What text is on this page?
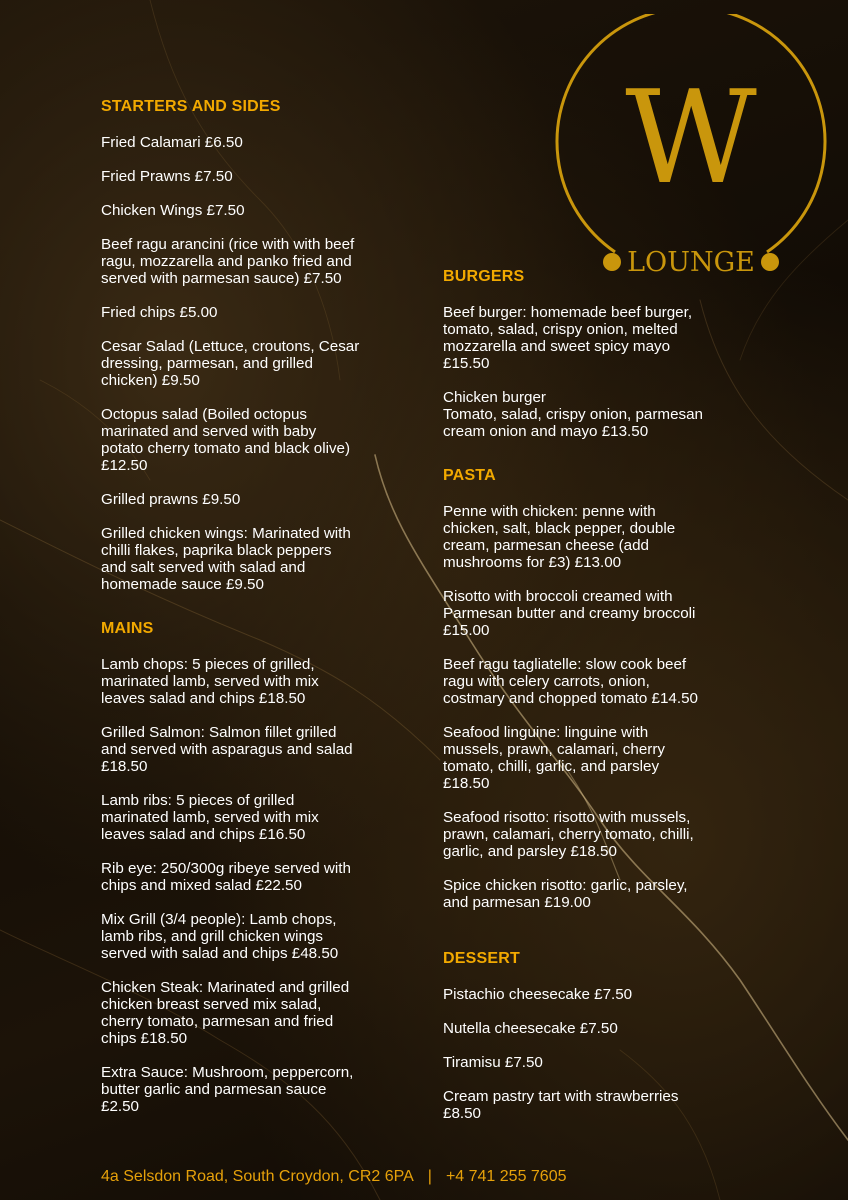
W
LOUNGE
STARTERS AND SIDES
Fried Calamari £6.50
Fried Prawns £7.50
Chicken Wings £7.50
Beef ragu arancini (rice with with beef
ragu, mozzarella and panko fried and
served with parmesan sauce) £7.50
Fried chips £5.00
Cesar Salad (Lettuce, croutons, Cesar
dressing, parmesan, and grilled
chicken) £9.50
Octopus salad (Boiled octopus
marinated and served with baby
potato cherry tomato and black olive)
£12.50
Grilled prawns £9.50
Grilled chicken wings: Marinated with
chilli flakes, paprika black peppers
and salt served with salad and
homemade sauce £9.50
MAINS
Lamb chops: 5 pieces of grilled,
marinated lamb, served with mix
leaves salad and chips £18.50
Grilled Salmon: Salmon fillet grilled
and served with asparagus and salad
£18.50
Lamb ribs: 5 pieces of grilled
marinated lamb, served with mix
leaves salad and chips £16.50
Rib eye: 250/300g ribeye served with
chips and mixed salad £22.50
Mix Grill (3/4 people): Lamb chops,
lamb ribs, and grill chicken wings
served with salad and chips £48.50
Chicken Steak: Marinated and grilled
chicken breast served mix salad,
cherry tomato, parmesan and fried
chips £18.50
Extra Sauce: Mushroom, peppercorn,
butter garlic and parmesan sauce
£2.50
BURGERS
Beef burger: homemade beef burger,
tomato, salad, crispy onion, melted
mozzarella and sweet spicy mayo
£15.50
Chicken burger
Tomato, salad, crispy onion, parmesan
cream onion and mayo £13.50
PASTA
Penne with chicken: penne with
chicken, salt, black pepper, double
cream, parmesan cheese (add
mushrooms for £3) £13.00
Risotto with broccoli creamed with
Parmesan butter and creamy broccoli
£15.00
Beef ragu tagliatelle: slow cook beef
ragu with celery carrots, onion,
costmary and chopped tomato £14.50
Seafood linguine: linguine with
mussels, prawn, calamari, cherry
tomato, chilli, garlic, and parsley
£18.50
Seafood risotto: risotto with mussels,
prawn, calamari, cherry tomato, chilli,
garlic, and parsley £18.50
Spice chicken risotto: garlic, parsley,
and parmesan £19.00
DESSERT
Pistachio cheesecake £7.50
Nutella cheesecake £7.50
Tiramisu £7.50
Cream pastry tart with strawberries
£8.50
4a Selsdon Road, South Croydon, CR2 6PA | +4 741 255 7605
